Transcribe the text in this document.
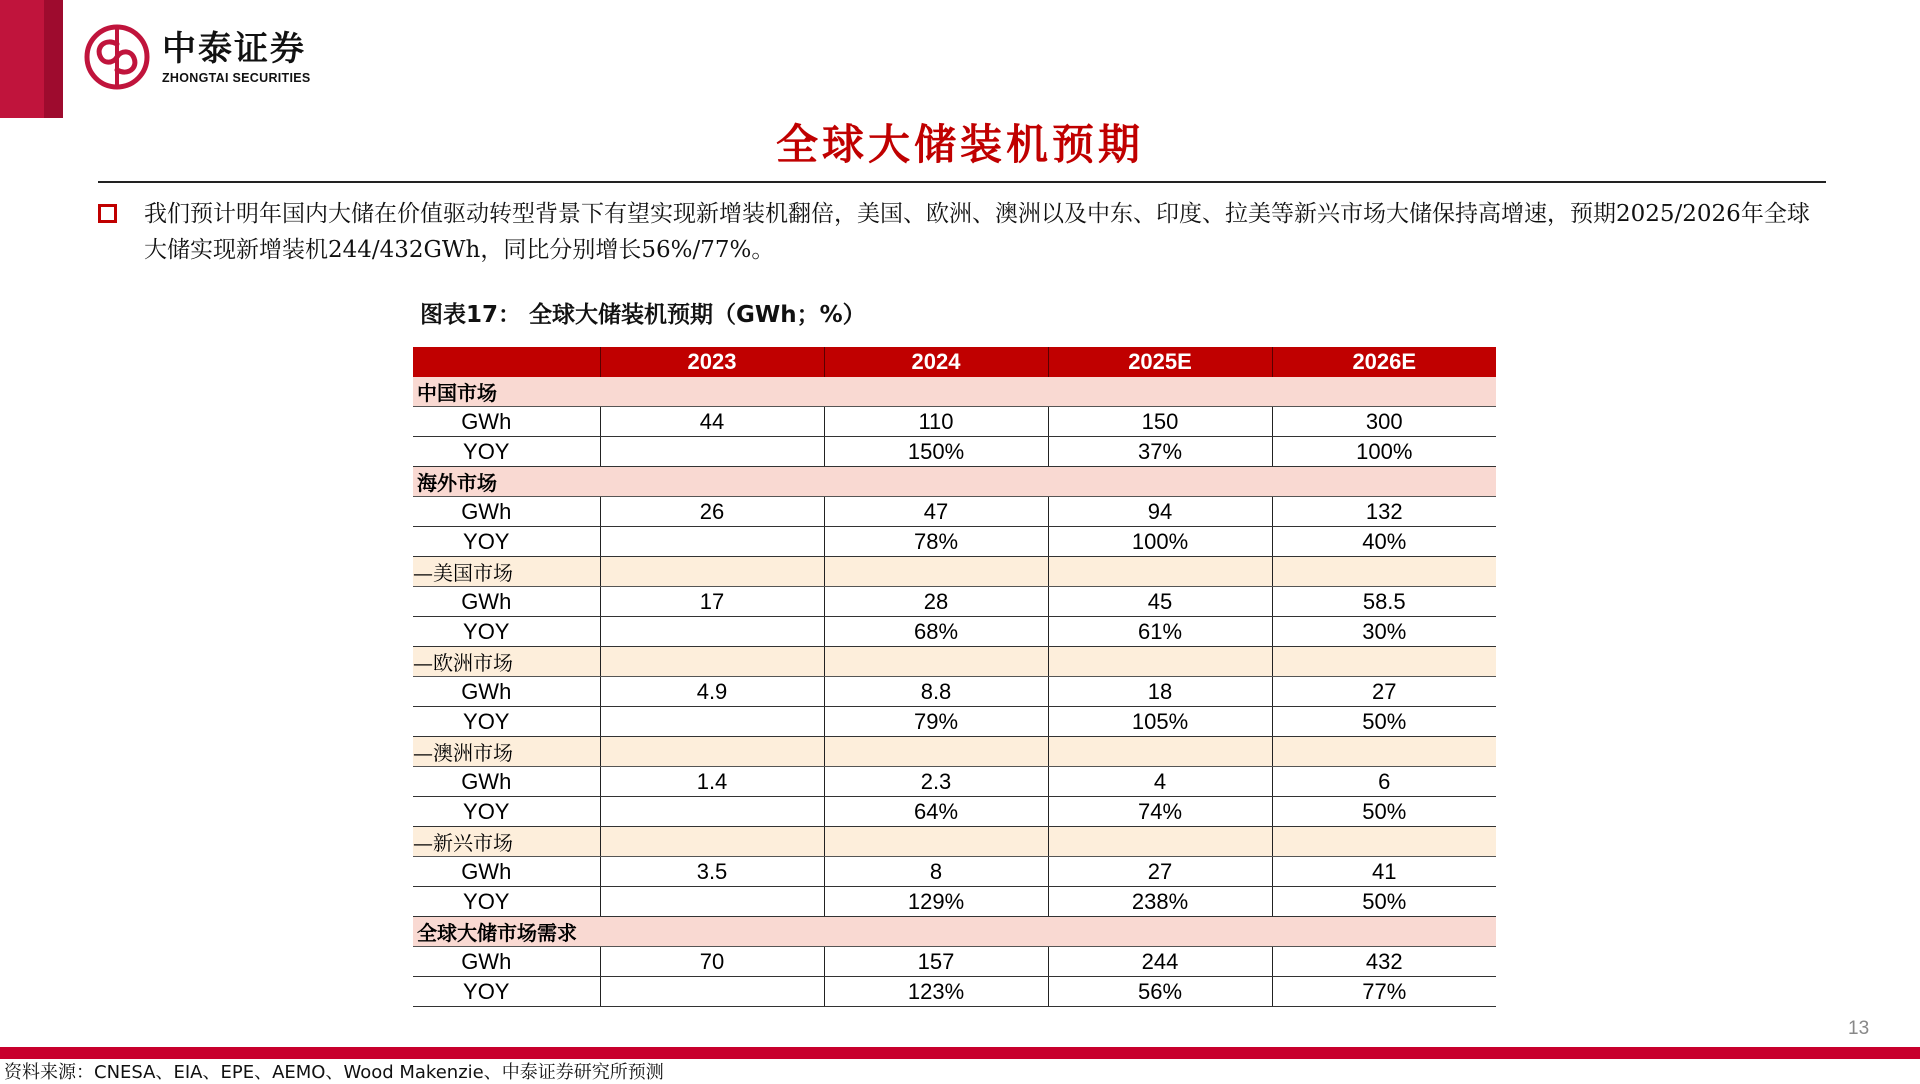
中泰证券
ZHONGTAI SECURITIES
全球大储装机预期
我们预计明年国内大储在价值驱动转型背景下有望实现新增装机翻倍，美国、欧洲、澳洲以及中东、印度、拉美等新兴市场大储保持高增速，预期2025/2026年全球大储实现新增装机244/432GWh，同比分别增长56%/77%。
图表17： 全球大储装机预期（GWh；%）
	2023	2024	2025E	2026E
中国市场				
GWh	44	110	150	300
YOY		150%	37%	100%
海外市场				
GWh	26	47	94	132
YOY		78%	100%	40%
—美国市场				
GWh	17	28	45	58.5
YOY		68%	61%	30%
—欧洲市场				
GWh	4.9	8.8	18	27
YOY		79%	105%	50%
—澳洲市场				
GWh	1.4	2.3	4	6
YOY		64%	74%	50%
—新兴市场				
GWh	3.5	8	27	41
YOY		129%	238%	50%
全球大储市场需求				
GWh	70	157	244	432
YOY		123%	56%	77%
13
资料来源：CNESA、EIA、EPE、AEMO、Wood Makenzie、中泰证券研究所预测
